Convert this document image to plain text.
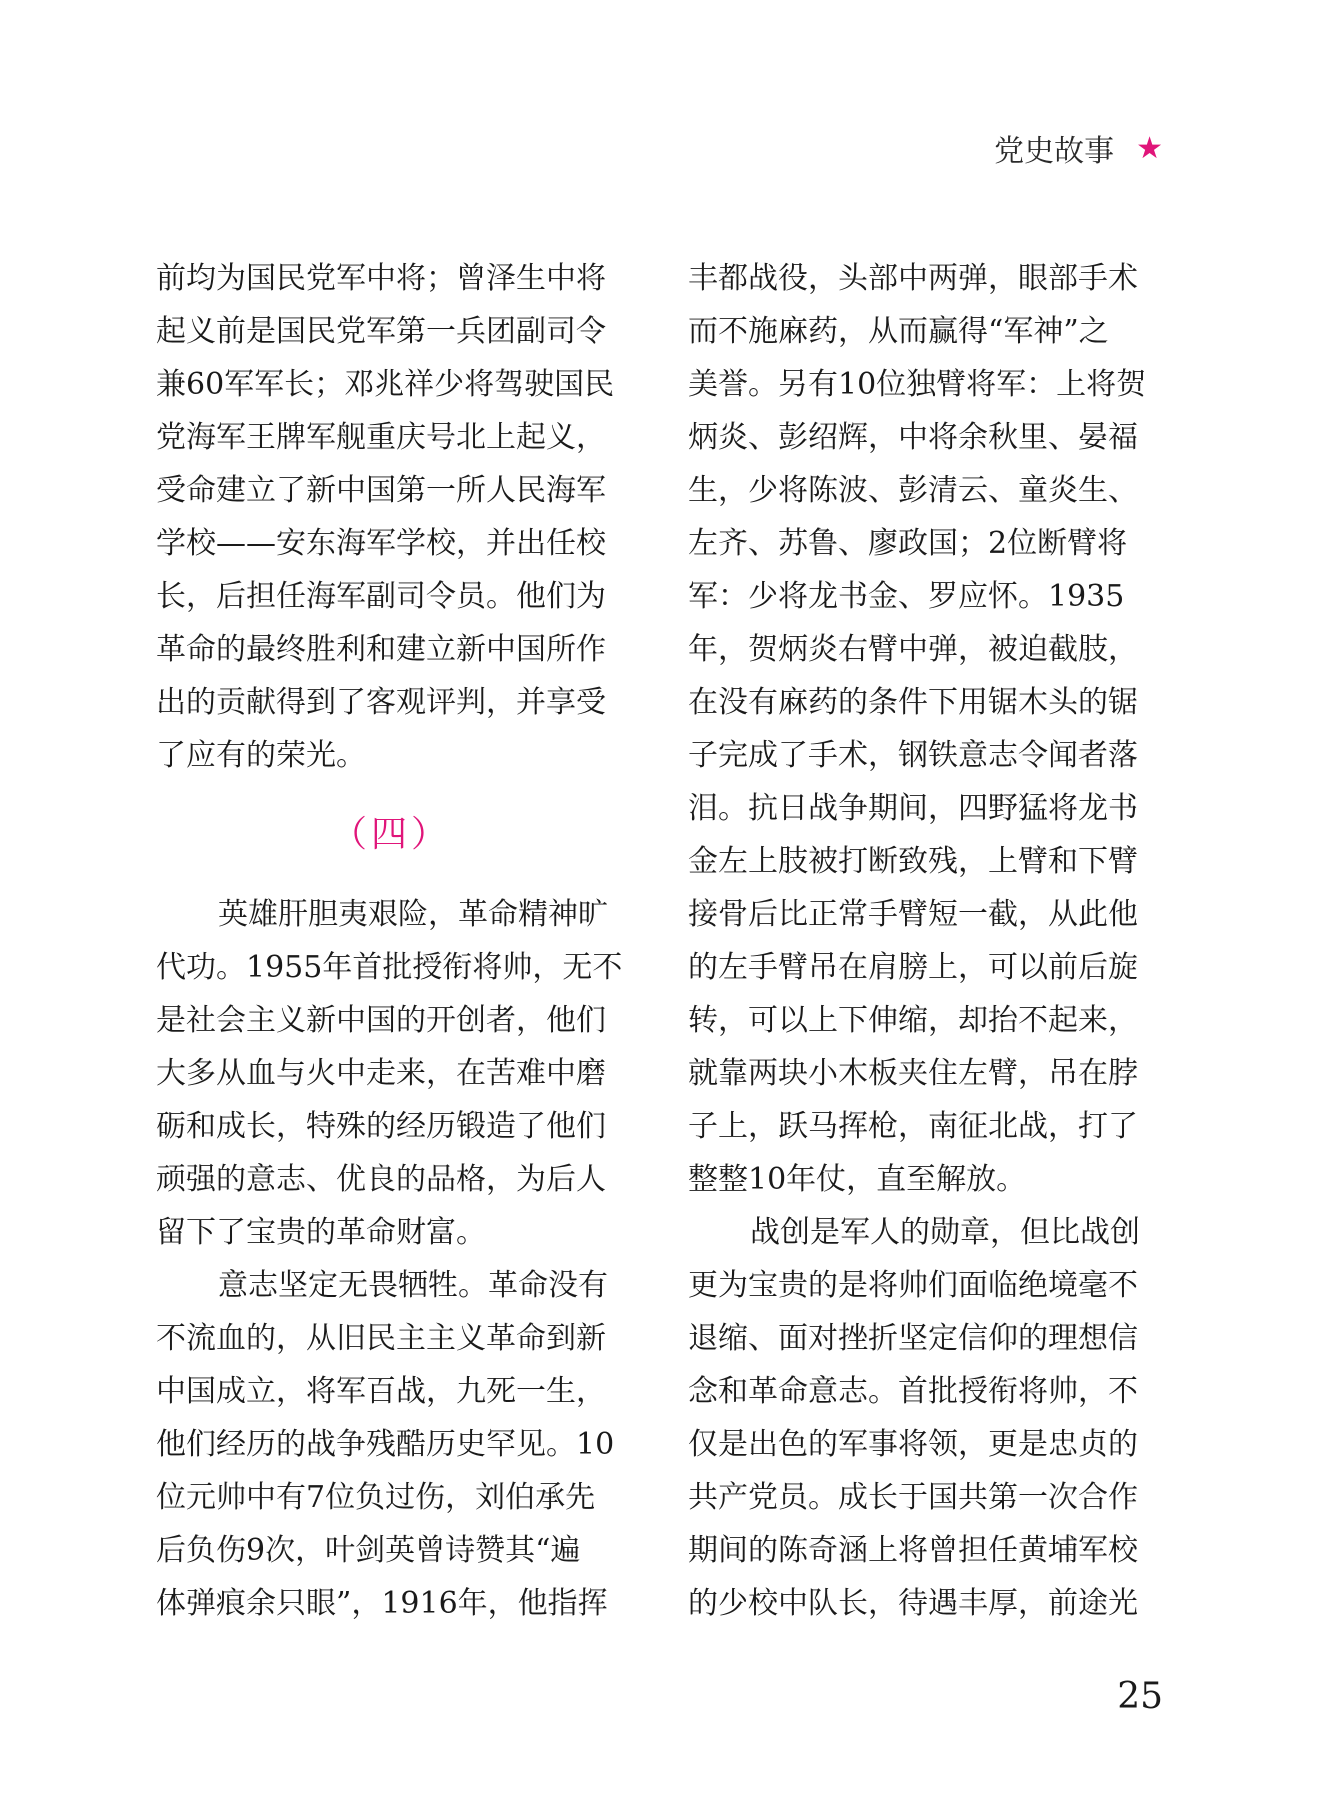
党史故事 ★
前均为国民党军中将；曾泽生中将
起义前是国民党军第一兵团副司令
兼60军军长；邓兆祥少将驾驶国民
党海军王牌军舰重庆号北上起义，
受命建立了新中国第一所人民海军
学校——安东海军学校，并出任校
长，后担任海军副司令员。他们为
革命的最终胜利和建立新中国所作
出的贡献得到了客观评判，并享受
了应有的荣光。
（四）
英雄肝胆夷艰险，革命精神旷
代功。1955年首批授衔将帅，无不
是社会主义新中国的开创者，他们
大多从血与火中走来，在苦难中磨
砺和成长，特殊的经历锻造了他们
顽强的意志、优良的品格，为后人
留下了宝贵的革命财富。
意志坚定无畏牺牲。革命没有
不流血的，从旧民主主义革命到新
中国成立，将军百战，九死一生，
他们经历的战争残酷历史罕见。10
位元帅中有7位负过伤，刘伯承先
后负伤9次，叶剑英曾诗赞其“遍
体弹痕余只眼”，1916年，他指挥
丰都战役，头部中两弹，眼部手术
而不施麻药，从而赢得“军神”之
美誉。另有10位独臂将军：上将贺
炳炎、彭绍辉，中将余秋里、晏福
生，少将陈波、彭清云、童炎生、
左齐、苏鲁、廖政国；2位断臂将
军：少将龙书金、罗应怀。1935
年，贺炳炎右臂中弹，被迫截肢，
在没有麻药的条件下用锯木头的锯
子完成了手术，钢铁意志令闻者落
泪。抗日战争期间，四野猛将龙书
金左上肢被打断致残，上臂和下臂
接骨后比正常手臂短一截，从此他
的左手臂吊在肩膀上，可以前后旋
转，可以上下伸缩，却抬不起来，
就靠两块小木板夹住左臂，吊在脖
子上，跃马挥枪，南征北战，打了
整整10年仗，直至解放。
战创是军人的勋章，但比战创
更为宝贵的是将帅们面临绝境毫不
退缩、面对挫折坚定信仰的理想信
念和革命意志。首批授衔将帅，不
仅是出色的军事将领，更是忠贞的
共产党员。成长于国共第一次合作
期间的陈奇涵上将曾担任黄埔军校
的少校中队长，待遇丰厚，前途光
25
